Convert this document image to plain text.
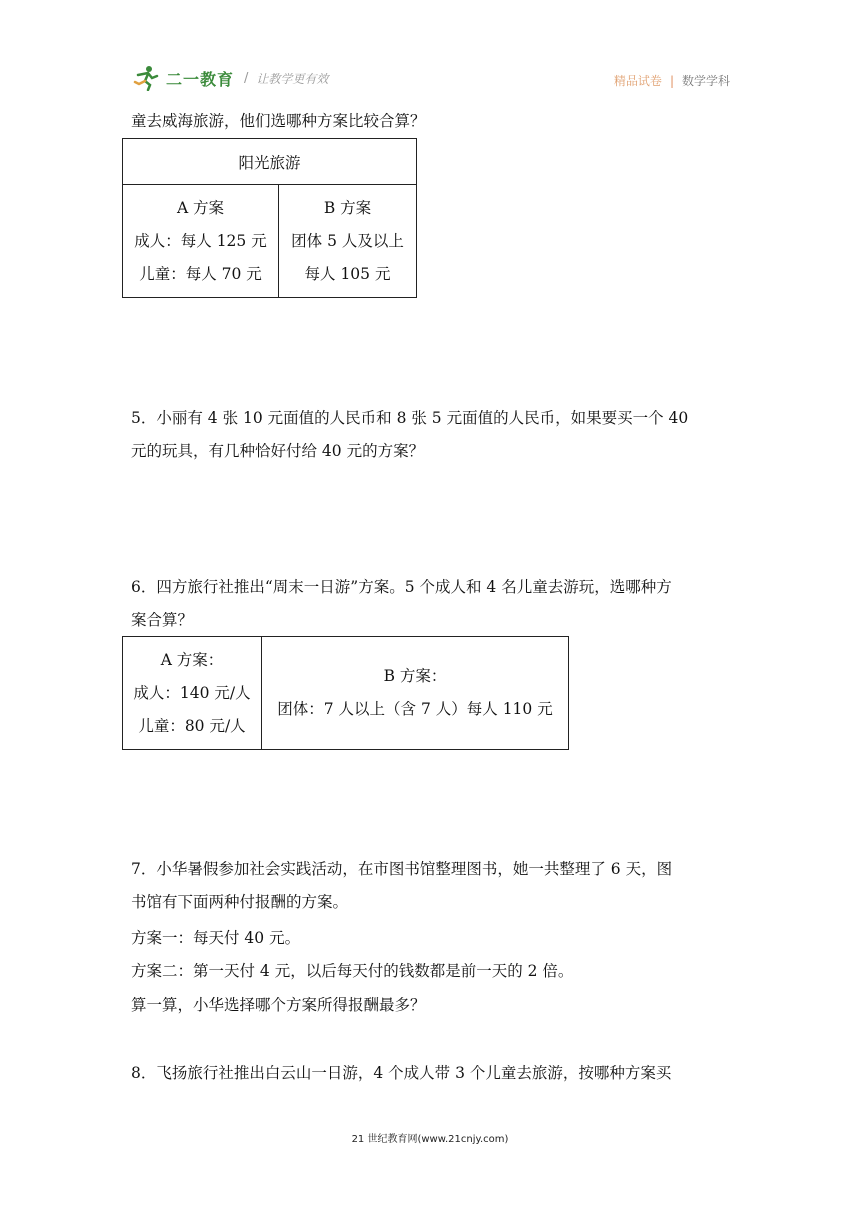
二一教育 / 让教学更有效	精品试卷 | 数学学科
童去威海旅游，他们选哪种方案比较合算？
阳光旅游

A 方案
成人：每人 125 元
儿童：每人 70 元

B 方案
团体 5 人及以上
每人 105 元
5．小丽有 4 张 10 元面值的人民币和 8 张 5 元面值的人民币，如果要买一个 40
元的玩具，有几种恰好付给 40 元的方案？
6．四方旅行社推出“周末一日游”方案。5 个成人和 4 名儿童去游玩，选哪种方
案合算？
A 方案：
成人：140 元/人
儿童：80 元/人

B 方案：
团体：7 人以上（含 7 人）每人 110 元
7．小华暑假参加社会实践活动，在市图书馆整理图书，她一共整理了 6 天，图
书馆有下面两种付报酬的方案。
方案一：每天付 40 元。
方案二：第一天付 4 元，以后每天付的钱数都是前一天的 2 倍。
算一算，小华选择哪个方案所得报酬最多？
8．飞扬旅行社推出白云山一日游，4 个成人带 3 个儿童去旅游，按哪种方案买
21 世纪教育网(www.21cnjy.com)
